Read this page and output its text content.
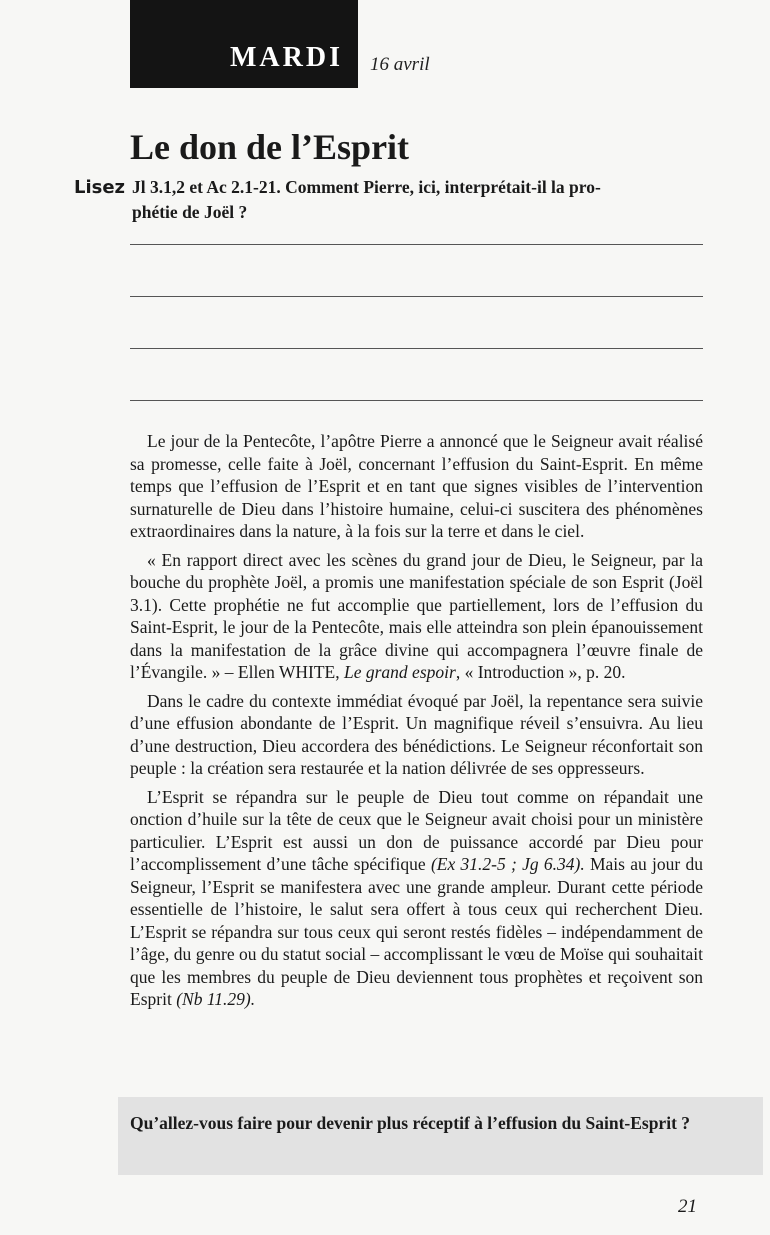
MARDI 16 avril
Le don de l’Esprit
Lisez Jl 3.1,2 et Ac 2.1-21. Comment Pierre, ici, interprétait-il la pro-
phétie de Joël ?

Le jour de la Pentecôte, l’apôtre Pierre a annoncé que le Seigneur avait réalisé sa promesse, celle faite à Joël, concernant l’effusion du Saint-Esprit. En même temps que l’effusion de l’Esprit et en tant que signes visibles de l’intervention surnaturelle de Dieu dans l’histoire humaine, celui-ci suscitera des phénomènes extraordinaires dans la nature, à la fois sur la terre et dans le ciel.

« En rapport direct avec les scènes du grand jour de Dieu, le Seigneur, par la bouche du prophète Joël, a promis une manifestation spéciale de son Esprit (Joël 3.1). Cette prophétie ne fut accomplie que partiellement, lors de l’effusion du Saint-Esprit, le jour de la Pentecôte, mais elle atteindra son plein épanouissement dans la manifestation de la grâce divine qui accompagnera l’œuvre finale de l’Évangile. » – Ellen WHITE, Le grand espoir, « Introduction », p. 20.

Dans le cadre du contexte immédiat évoqué par Joël, la repentance sera suivie d’une effusion abondante de l’Esprit. Un magnifique réveil s’ensuivra. Au lieu d’une destruction, Dieu accordera des bénédictions. Le Seigneur réconfortait son peuple : la création sera restaurée et la nation délivrée de ses oppresseurs.

L’Esprit se répandra sur le peuple de Dieu tout comme on répandait une onction d’huile sur la tête de ceux que le Seigneur avait choisi pour un ministère particulier. L’Esprit est aussi un don de puissance accordé par Dieu pour l’accomplissement d’une tâche spécifique (Ex 31.2-5 ; Jg 6.34). Mais au jour du Seigneur, l’Esprit se manifestera avec une grande ampleur. Durant cette période essentielle de l’histoire, le salut sera offert à tous ceux qui recherchent Dieu. L’Esprit se répandra sur tous ceux qui seront restés fidèles – indépendamment de l’âge, du genre ou du statut social – accomplissant le vœu de Moïse qui souhaitait que les membres du peuple de Dieu deviennent tous prophètes et reçoivent son Esprit (Nb 11.29).

Qu’allez-vous faire pour devenir plus réceptif à l’effusion du Saint-Esprit ?
21
